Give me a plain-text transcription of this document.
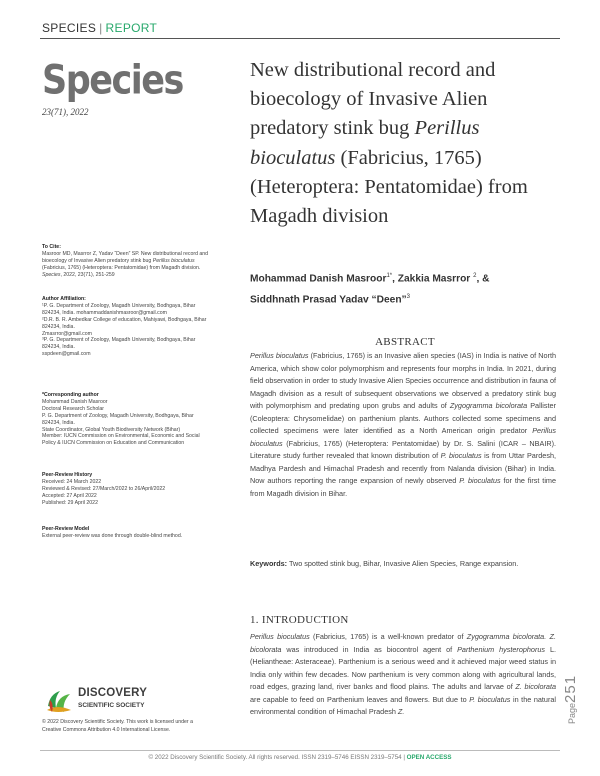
SPECIES | REPORT
Species
23(71), 2022
New distributional record and bioecology of Invasive Alien predatory stink bug Perillus bioculatus (Fabricius, 1765) (Heteroptera: Pentatomidae) from Magadh division
Mohammad Danish Masroor$^{1*}$, Zakkia Masrror $^2$, &
Siddhnath Prasad Yadav “Deen”$^3$

To Cite:

Masroor MD, Masrror Z, Yadav “Deen” SP. New distributional record and bioecology of Invasive Alien predatory stink bug Perillus bioculatus (Fabricius, 1765) (Heteroptera: Pentatomidae) from Magadh division. Species, 2022, 23(71), 251-259

Author Affiliation:

¹P. G. Department of Zoology, Magadh University, Bodhgaya, Bihar 824234, India. mohammaddanishmasroor@gmail.com

²D.R. B. R. Ambedkar College of education, Mahiyawi, Bodhgaya, Bihar 824234, India.

Zmasrror@gmail.com

³P. G. Department of Zoology, Magadh University, Bodhgaya, Bihar 824234, India.

sspdeen@gmail.com

*Corresponding author

Mohammad Danish Masroor

Doctoral Research Scholar

P. G. Department of Zoology, Magadh University, Bodhgaya, Bihar 824234, India.

State Coordinator, Global Youth Biodiversity Network (Bihar)

Member: IUCN Commission on Environmental, Economic and Social Policy & IUCN Commission on Education and Communication

Peer-Review History

Received: 24 March 2022

Reviewed & Revised: 27/March/2022 to 26/April/2022

Accepted: 27 April 2022

Published: 29 April 2022

Peer-Review Model

External peer-review was done through double-blind method.

ABSTRACT
Perillus bioculatus (Fabricius, 1765) is an Invasive alien species (IAS) in India is native of North America, which show color polymorphism and represents four morphs in India. In 2021, during field observation in order to study Invasive Alien Species occurrence and distribution in fauna of Magadh division as a result of subsequent observations we observed a predatory stink bug with polymorphism and predating upon grubs and adults of Zygogramma bicolorata Pallister (Coleoptera: Chrysomelidae) on parthenium plants. Authors collected some specimens and collected specimens were later identified as a North American origin predator Perillus bioculatus (Fabricius, 1765) (Heteroptera: Pentatomidae) by Dr. S. Salini (ICAR – NBAIR). Literature study further revealed that known distribution of P. bioculatus is from Uttar Pardesh, Madhya Pardesh and Himachal Pradesh and recently from Nalanda division (Bihar) in India. Now authors reporting the range expansion of newly observed P. bioculatus for the first time from Magadh division in Bihar.
Keywords: Two spotted stink bug, Bihar, Invasive Alien Species, Range expansion.
1. INTRODUCTION
Perillus bioculatus (Fabricius, 1765) is a well-known predator of Zygogramma bicolorata. Z. bicolorata was introduced in India as biocontrol agent of Parthenium hysterophorus L. (Heliantheae: Asteraceae). Parthenium is a serious weed and it achieved major weed status in India only within few decades. Now parthenium is very common along with agricultural lands, road edges, grazing land, river banks and flood plains. The adults and larvae of Z. bicolorata are capable to feed on Parthenium leaves and flowers. But due to P. bioculatus in the natural environmental condition of Himachal Pradesh Z.	Page251
DISCOVERY
SCIENTIFIC SOCIETY
© 2022 Discovery Scientific Society. This work is licensed under a
Creative Commons Attribution 4.0 International License.
© 2022 Discovery Scientific Society. All rights reserved. ISSN 2319–5746 EISSN 2319–5754 | OPEN ACCESS
